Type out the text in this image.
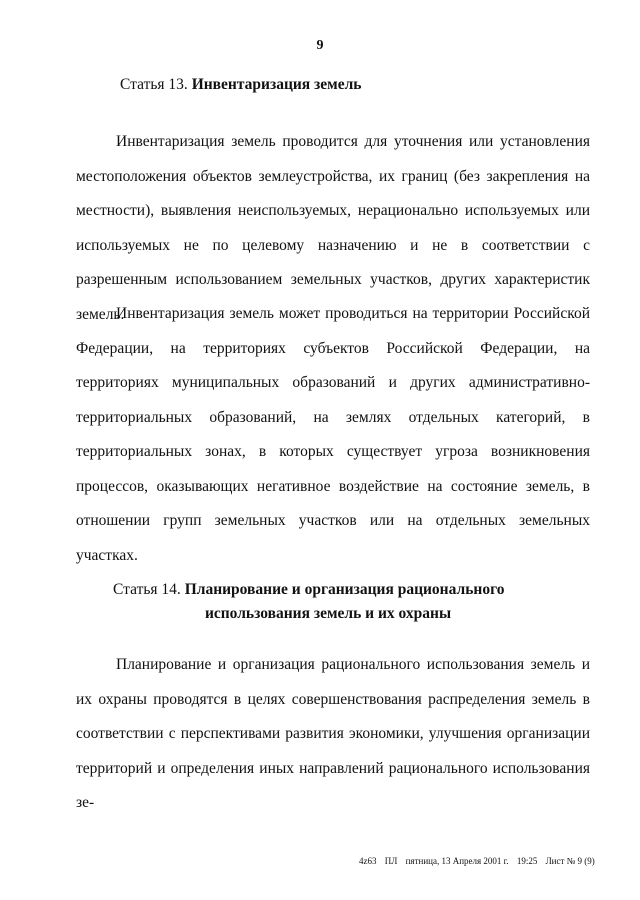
9
Статья 13. Инвентаризация земель
Инвентаризация земель проводится для уточнения или установления местоположения объектов землеустройства, их границ (без закрепления на местности), выявления неиспользуемых, нерационально используемых или используемых не по целевому назначению и не в соответствии с разрешенным использованием земельных участков, других характеристик земель.
Инвентаризация земель может проводиться на территории Российской Федерации, на территориях субъектов Российской Федерации, на территориях муниципальных образований и других административно-территориальных образований, на землях отдельных категорий, в территориальных зонах, в которых существует угроза возникновения процессов, оказывающих негативное воздействие на состояние земель, в отношении групп земельных участков или на отдельных земельных участках.
Статья 14. Планирование и организация рационального
использования земель и их охраны
Планирование и организация рационального использования земель и их охраны проводятся в целях совершенствования распределения земель в соответствии с перспективами развития экономики, улучшения организации территорий и определения иных направлений рационального использования зе-
4z63 ПЛ пятница, 13 Апреля 2001 г. 19:25 Лист № 9 (9)
